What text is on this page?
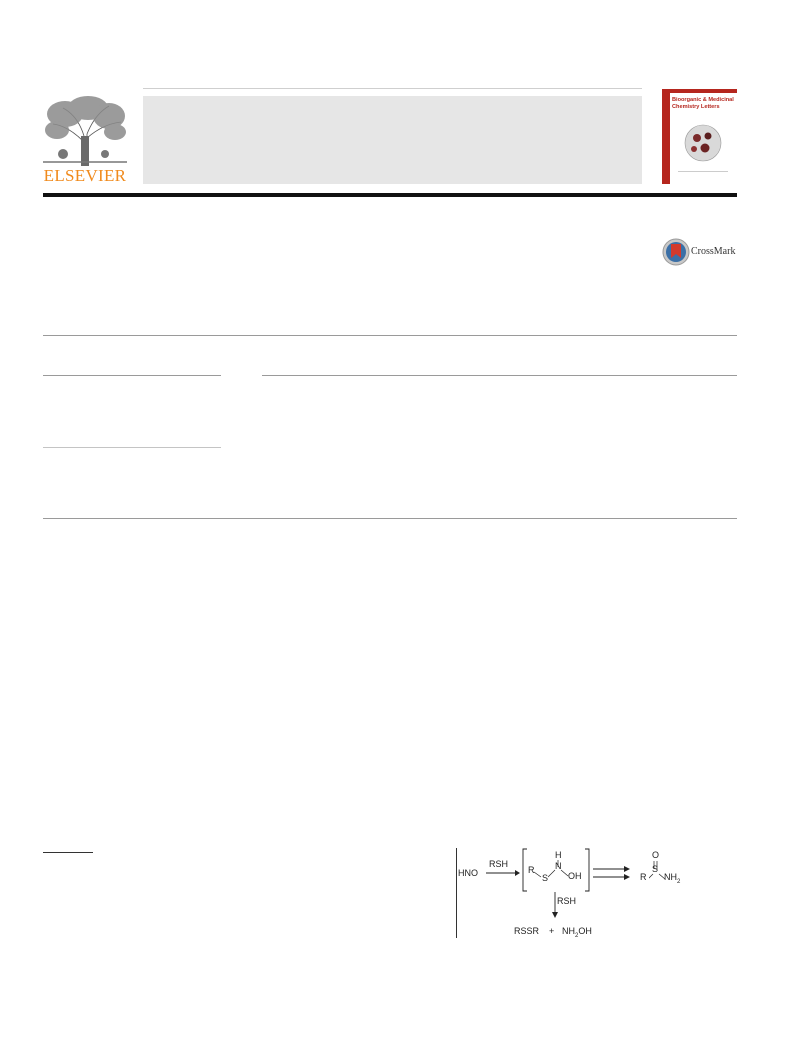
ELSEVIER
Bioorganic & Medicinal Chemistry Letters
CrossMark
HNO
RSH
R
S
H
N
OH
O
R
S
$NH_2$
RSH
RSSR + $NH_2OH$
